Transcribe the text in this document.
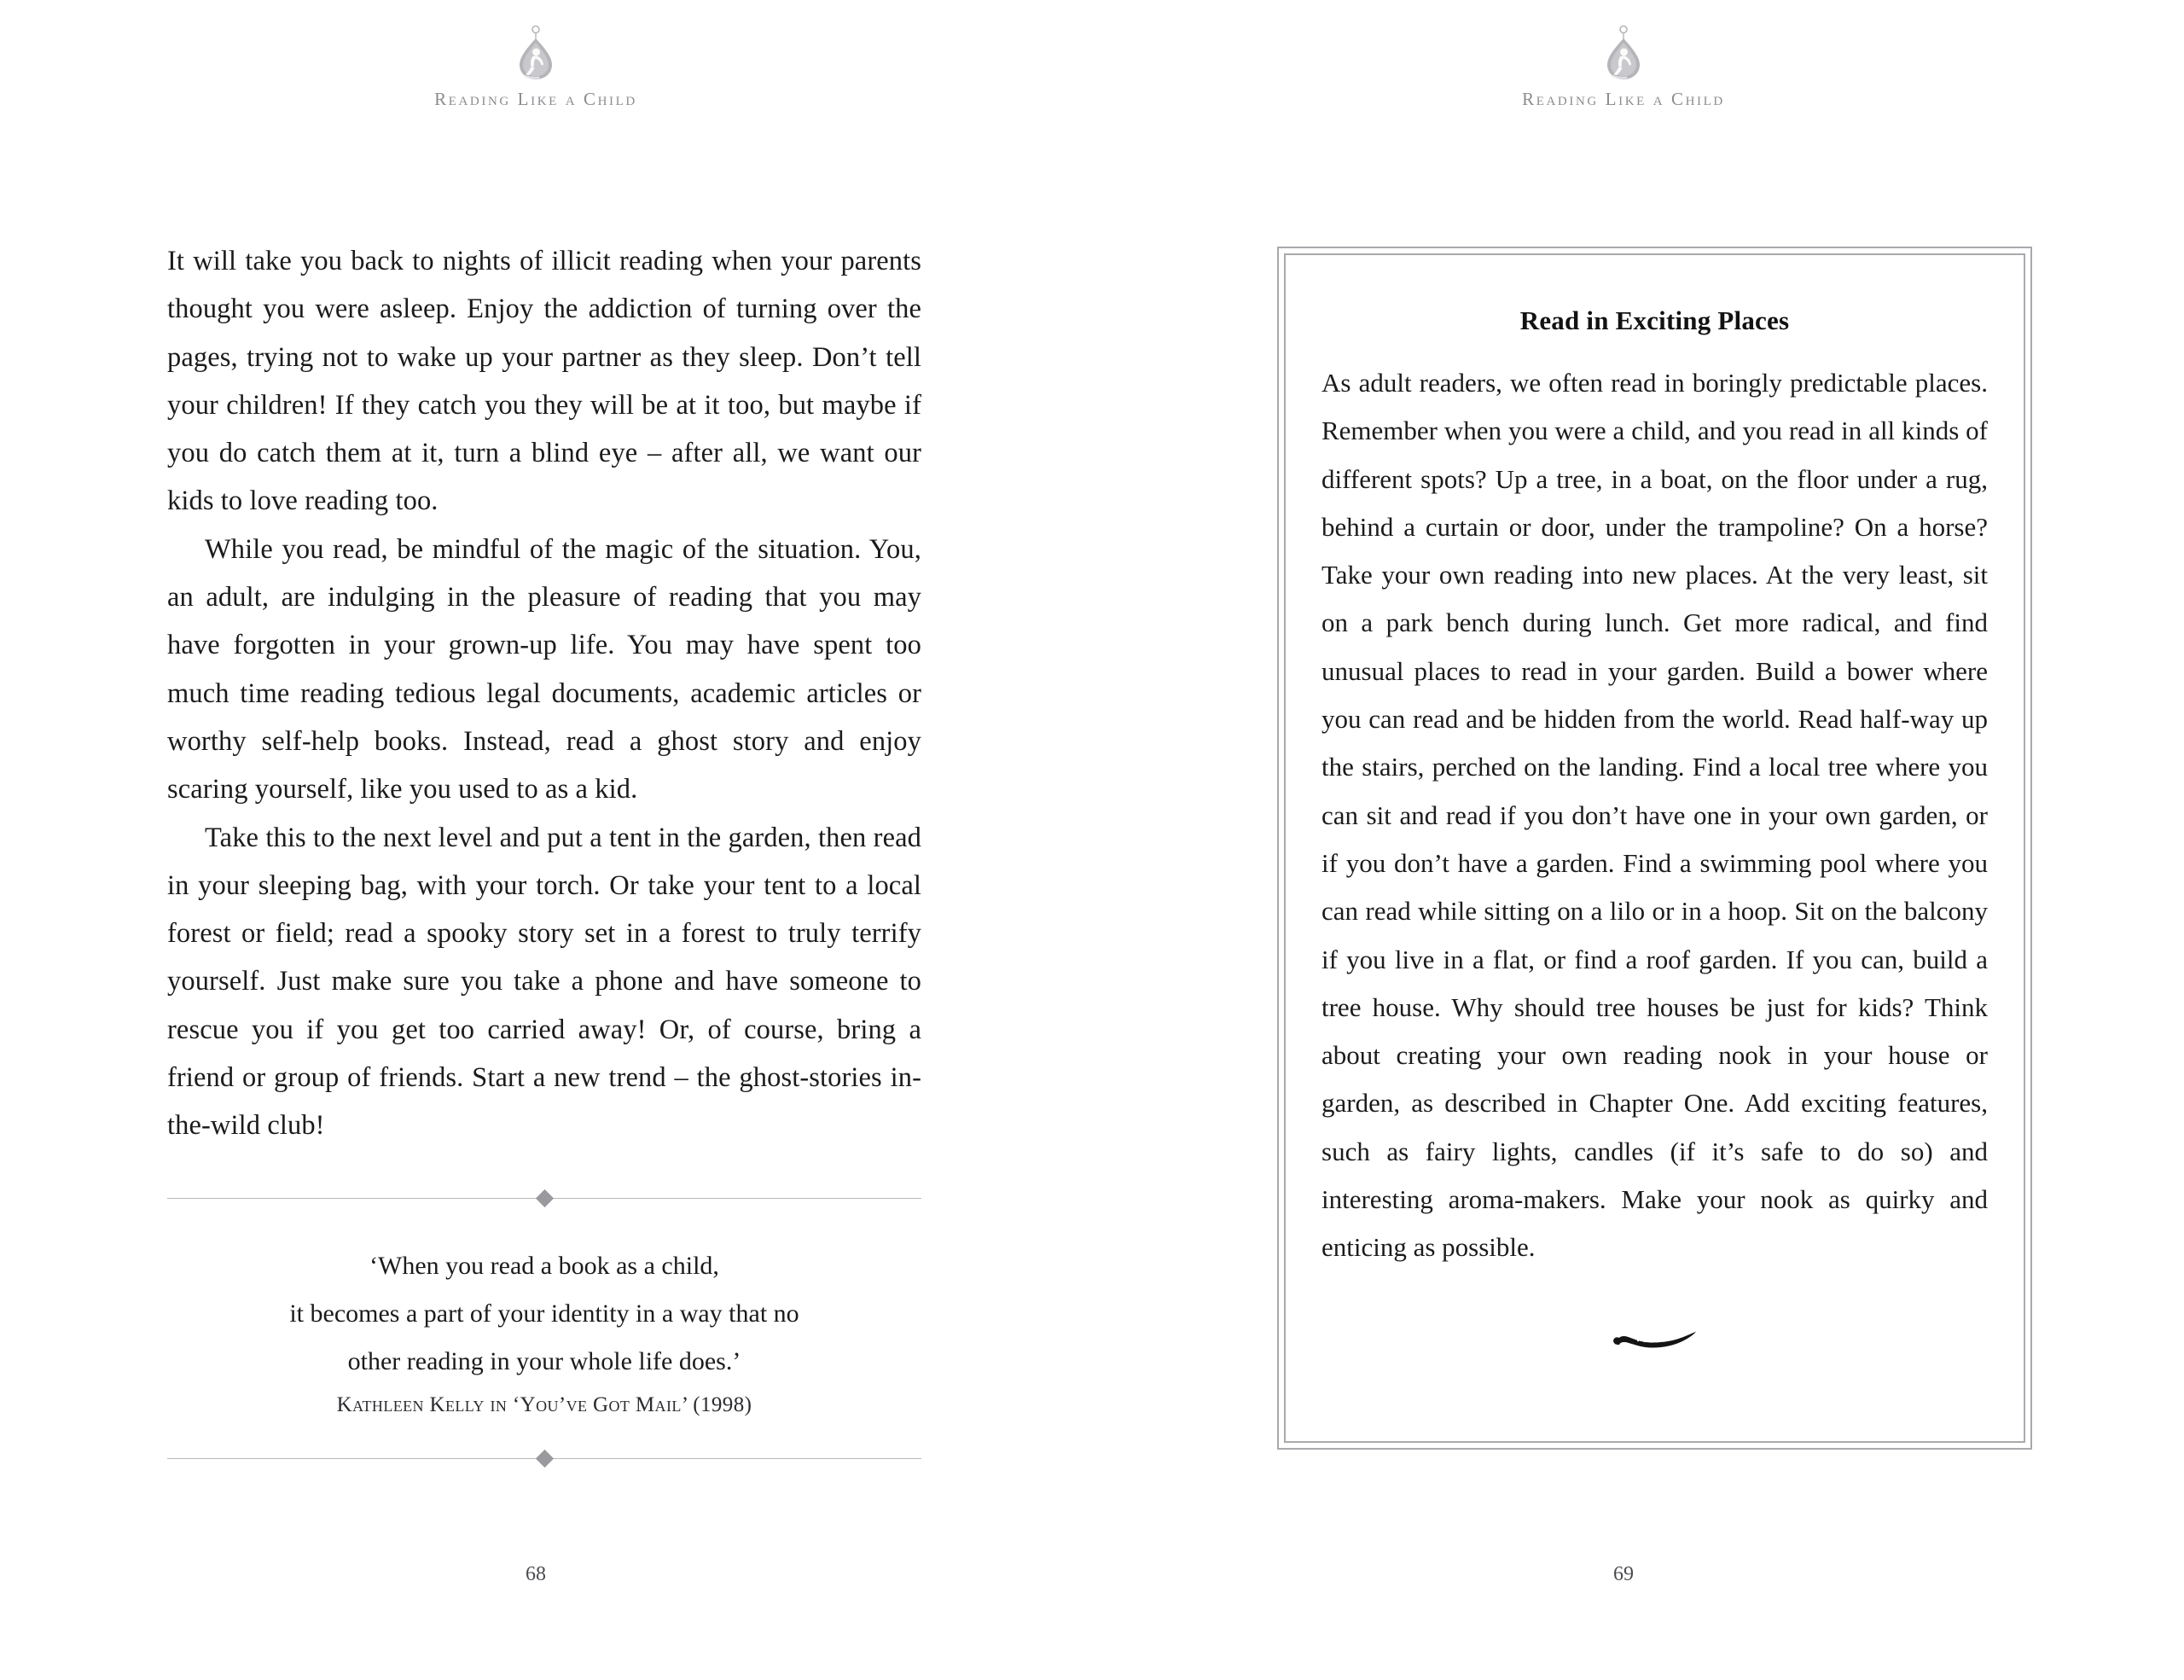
Reading Like a Child

It will take you back to nights of illicit reading when your parents thought you were asleep. Enjoy the addiction of turning over the pages, trying not to wake up your partner as they sleep. Don’t tell your children! If they catch you they will be at it too, but maybe if you do catch them at it, turn a blind eye – after all, we want our kids to love reading too.

While you read, be mindful of the magic of the situation. You, an adult, are indulging in the pleasure of reading that you may have forgotten in your grown-up life. You may have spent too much time reading tedious legal documents, academic articles or worthy self-help books. Instead, read a ghost story and enjoy scaring yourself, like you used to as a kid.

Take this to the next level and put a tent in the garden, then read in your sleeping bag, with your torch. Or take your tent to a local forest or field; read a spooky story set in a forest to truly terrify yourself. Just make sure you take a phone and have someone to rescue you if you get too carried away! Or, of course, bring a friend or group of friends. Start a new trend – the ghost-stories in-the-wild club!

‘When you read a book as a child,
it becomes a part of your identity in a way that no
other reading in your whole life does.’
Kathleen Kelly in ‘You’ve Got Mail’ (1998)
68
Reading Like a Child
Read in Exciting Places

As adult readers, we often read in boringly predictable places. Remember when you were a child, and you read in all kinds of different spots? Up a tree, in a boat, on the floor under a rug, behind a curtain or door, under the trampoline? On a horse? Take your own reading into new places. At the very least, sit on a park bench during lunch. Get more radical, and find unusual places to read in your garden. Build a bower where you can read and be hidden from the world. Read half-way up the stairs, perched on the landing. Find a local tree where you can sit and read if you don’t have one in your own garden, or if you don’t have a garden. Find a swimming pool where you can read while sitting on a lilo or in a hoop. Sit on the balcony if you live in a flat, or find a roof garden. If you can, build a tree house. Why should tree houses be just for kids? Think about creating your own reading nook in your house or garden, as described in Chapter One. Add exciting features, such as fairy lights, candles (if it’s safe to do so) and interesting aroma-makers. Make your nook as quirky and enticing as possible.

69
